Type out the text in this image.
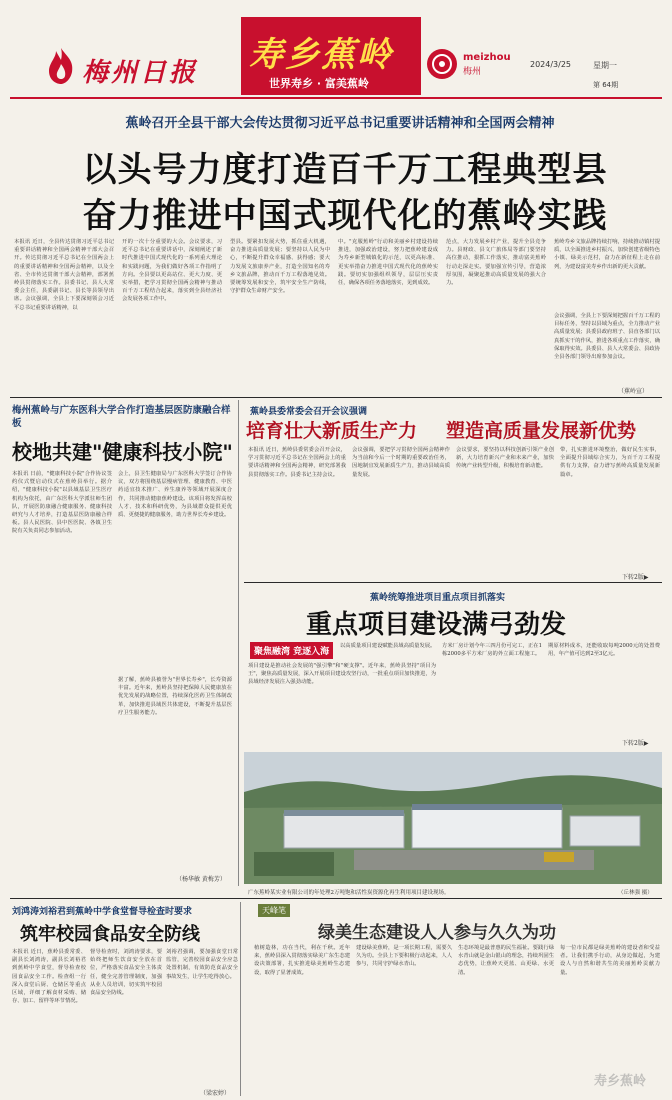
梅州日报 寿乡蕉岭
世界寿乡 · 富美蕉岭
meizhou
梅州
2024/3/25	星期一
第 64期
蕉岭召开全县干部大会传达贯彻习近平总书记重要讲话精神和全国两会精神
以头号力度打造百千万工程典型县
奋力推进中国式现代化的蕉岭实践
本报讯 近日，全县传达贯彻习近平总书记重要讲话精神和全国两会精神干部大会召开。传达贯彻习近平总书记在全国两会上的重要讲话精神和全国两会精神，以及全省、全市传达贯彻干部大会精神，部署蕉岭县贯彻落实工作。县委书记、县人大常委会主任，县委副书记、县长等县领导出席。会议强调，全县上下要深刻领会习近平总书记重要讲话精神，以
开的一次十分重要的大会。会议要求，习近平总书记在重要讲话中，深刻阐述了新时代推进中国式现代化的一系列重大理论和实践问题，为我们做好各项工作指明了方向。全县要以更高站位、更大力度、更实举措，把学习贯彻全国两会精神与推动百千万工程结合起来，落实到全县经济社会发展各项工作中。
型县。要紧扣发展大势，抓住重大机遇，奋力推进高质量发展；要坚持以人民为中心，不断提升群众幸福感、获得感；要大力发展文旅康养产业，打造全国知名的寿乡文旅品牌，推动百千万工程落地见效。要统筹发展和安全，筑牢安全生产防线，守护群众生命财产安全。
中。"克服蕉岭"行动和美丽乡村建设持续推进，加强政治建设，努力把蕉岭建设成为寿乡新型城镇化的示范，以更高标准、更实举措奋力推进中国式现代化的蕉岭实践。要切实加强组织领导，层层压实责任，确保各项任务落地落实，见到成效。
范点，大力发展乡村产业，提升全县竞争力。县财政、县文广旅体局等部门要坚持高位推动，狠抓工作落实，推动富美蕉岭行动走深走实。要加强宣传引导，营造浓厚氛围，凝聚起推动高质量发展的强大合力。
蕉岭寿乡文旅品牌持续打响，持续推动镇村提质，以全面推进乡村振兴，加快创建省级特色小镇、绿美示范村，奋力在新征程上走在前列，为建设富美寿乡作出新的更大贡献。
会议强调，全县上下要深刻把握百千万工程的目标任务，坚持以县域为重点，全力推动产业高质量发展；县委县政府班子、县直各部门以真抓实干的作风，推进各项重点工作落实，确保取得实效。县委县、县人大常委会、县政协全县各部门领导出席参加会议。
（蕉岭宣）
梅州蕉岭与广东医科大学合作打造基层医防康融合样板
校地共建"健康科技小院"
本报讯 日前，"健康科技小院"合作协议签约仪式暨启动仪式在蕉岭县举行。据介绍，"健康科技小院"以县域基层卫生医疗机构为依托，由广东医科大学派驻师生团队，开展医防康融合健康服务、健康科技研究与人才培养，打造基层医防康融合样板。县人民医院、县中医医院、各镇卫生院有关负责同志参加活动。
会上，县卫生健康局与广东医科大学签订合作协议，双方将围绕基层慢病管理、健康教育、中医药适宜技术推广、养生康养等领域开展深度合作，共同推动健康蕉岭建设。该项目将发挥高校人才、技术和科研优势，为县域群众提供更优质、更便捷的健康服务，助力世界长寿乡建设。
据了解，蕉岭县被誉为"世界长寿乡"，长寿资源丰富。近年来，蕉岭县坚持把保障人民健康放在优先发展的战略位置，持续深化医药卫生体制改革，加快推进县域医共体建设，不断提升基层医疗卫生服务能力。
（杨华敏 黄梅芳）
蕉岭县委常委会召开会议强调
培育壮大新质生产力 塑造高质量发展新优势
本报讯 近日，蕉岭县委常委会召开会议，学习贯彻习近平总书记在全国两会上的重要讲话精神和全国两会精神，研究部署我县贯彻落实工作。县委书记主持会议。
会议强调，要把学习贯彻全国两会精神作为当前和今后一个时期的重要政治任务，因地制宜发展新质生产力，推动县域高质量发展。
会议要求，要坚持以科技创新引领产业创新，大力培育新兴产业和未来产业，加快传统产业转型升级，积极培育新动能。
带，扎实推进环境整治，做好民生实事，全面提升县域综合实力，为百千万工程提供有力支撑，奋力谱写蕉岭高质量发展新篇章。
下转2版▶
蕉岭统筹推进项目重点项目抓落实
重点项目建设满弓劲发
聚焦融湾 竞逐入海
以高质量项目建设赋能县域高质量发展。
项目建设是推动社会发展的"强引擎"和"硬支撑"。近年来，蕉岭县坚持"项目为王"，聚焦高质量发展，深入开展项目建设攻坚行动，一批重点项目加快推进，为县域经济发展注入强劲动能。
方米厂房计划今年三四月份可完工，正在1栋2000多平方米厂房的外立面工程施工。
期原材料成本，还能收取每吨2000元的处置费用，年产值可达到2至3亿元。
下转2版▶
广东蕉岭某实业有限公司的年处理2万吨饱和活性炭资源化再生利用项目建设现场。	（丘林强 摄）
刘鸿涛刘裕君到蕉岭中学食堂督导检查时要求
筑牢校园食品安全防线
本报讯 近日，蕉岭县委常委、副县长刘鸿涛，副县长刘裕君到蕉岭中学食堂，督导检查校园食品安全工作。检查组一行深入食堂后厨、仓储区等重点区域，详细了解食材采购、储存、加工、留样等环节情况。
督导检查时，刘鸿涛要求，要始终把师生饮食安全放在首位，严格落实食品安全主体责任，健全完善管理制度，加强从业人员培训，切实筑牢校园食品安全防线。
刘裕君强调，要加强食堂日常监管，完善校园食品安全应急处置机制，有效防范食品安全事故发生，让学生吃得放心。
（梁宏婷）
天峰笔
绿美生态建设人人参与久久为功
植树造林，功在当代，利在千秋。近年来，蕉岭县深入贯彻落实绿美广东生态建设决策部署，扎实推进绿美蕉岭生态建设，取得了显著成效。
建设绿美蕉岭，是一项长期工程，需要久久为功。全县上下要积极行动起来，人人参与，共同守护绿水青山。
生态环境是最普惠的民生福祉。要践行绿水青山就是金山银山的理念，持续巩固生态优势，让蕉岭天更蓝、山更绿、水更清。
每一位市民都是绿美蕉岭的建设者和受益者。让我们携手行动，从身边做起，为建设人与自然和谐共生的美丽蕉岭贡献力量。
寿乡蕉岭
